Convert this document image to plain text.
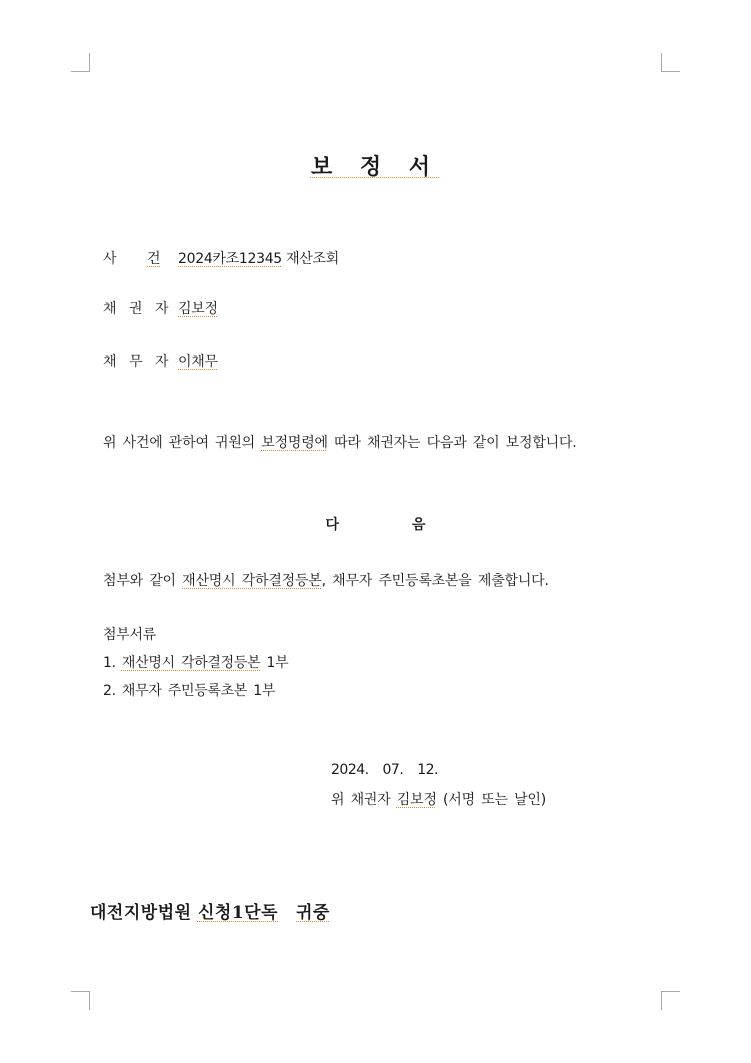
보 정 서
사 건 2024카조12345 재산조회
채 권 자 김보정
채 무 자 이채무
위 사건에 관하여 귀원의 보정명령에 따라 채권자는 다음과 같이 보정합니다.
다 음
첨부와 같이 재산명시 각하결정등본, 채무자 주민등록초본을 제출합니다.
첨부서류
1. 재산명시 각하결정등본 1부
2. 채무자 주민등록초본 1부
2024. 07. 12.
위 채권자 김보정 (서명 또는 날인)
대전지방법원 신청1단독 귀중
